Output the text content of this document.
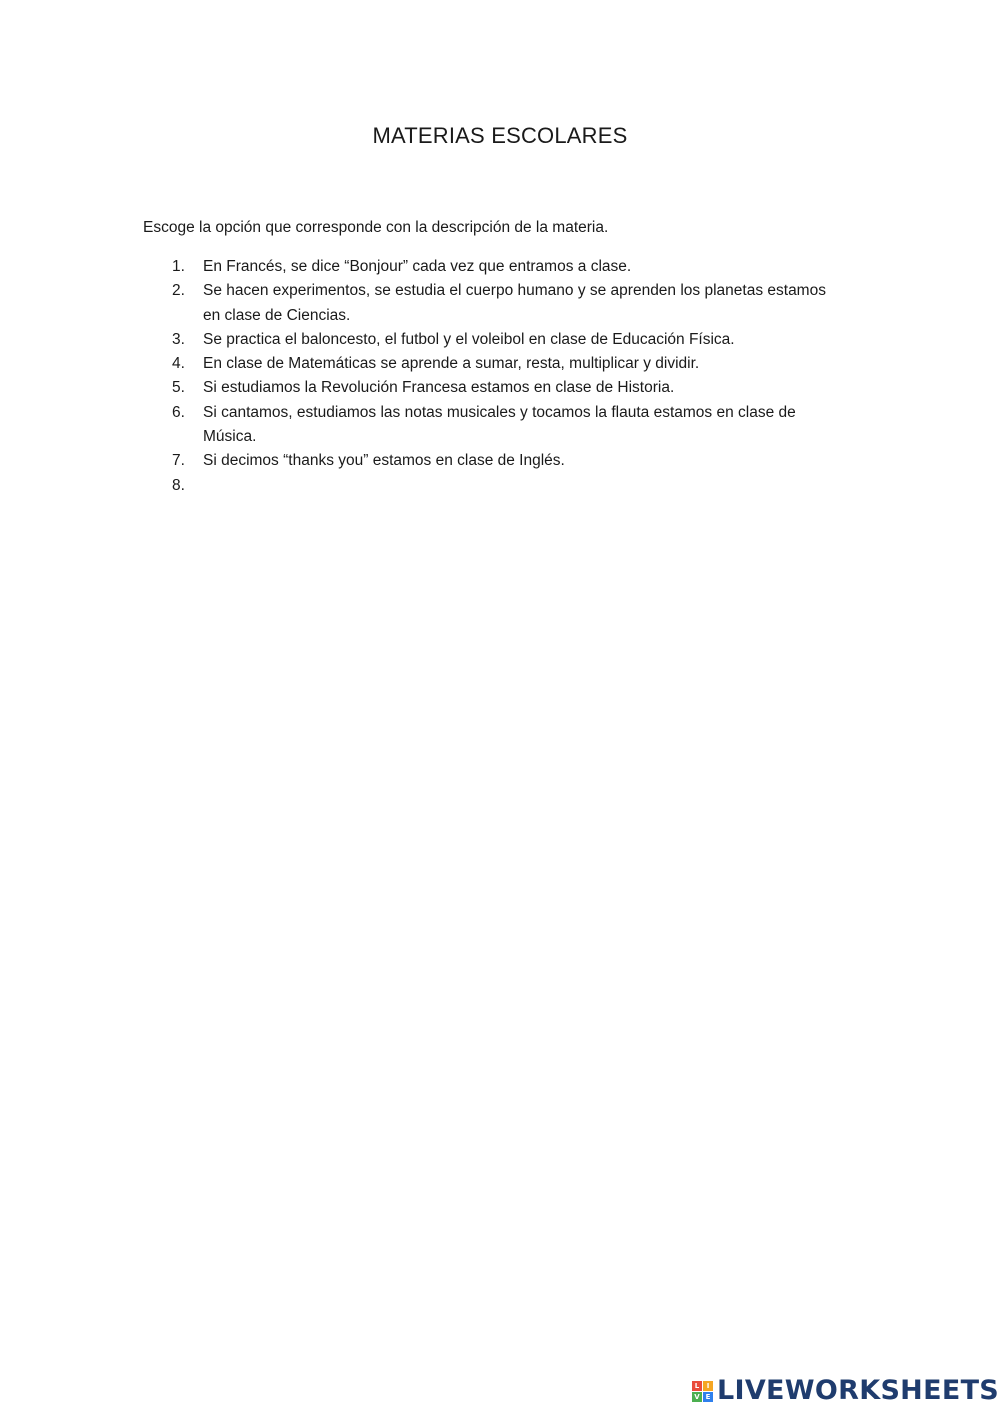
MATERIAS ESCOLARES
Escoge la opción que corresponde con la descripción de la materia.
1. En Francés, se dice “Bonjour” cada vez que entramos a clase.
2. Se hacen experimentos, se estudia el cuerpo humano y se aprenden los planetas estamos en clase de Ciencias.
3. Se practica el baloncesto, el futbol y el voleibol en clase de Educación Física.
4. En clase de Matemáticas se aprende a sumar, resta, multiplicar y dividir.
5. Si estudiamos la Revolución Francesa estamos en clase de Historia.
6. Si cantamos, estudiamos las notas musicales y tocamos la flauta estamos en clase de Música.
7. Si decimos “thanks you” estamos en clase de Inglés.
8.

L	I
V E LIVEWORKSHEETS
